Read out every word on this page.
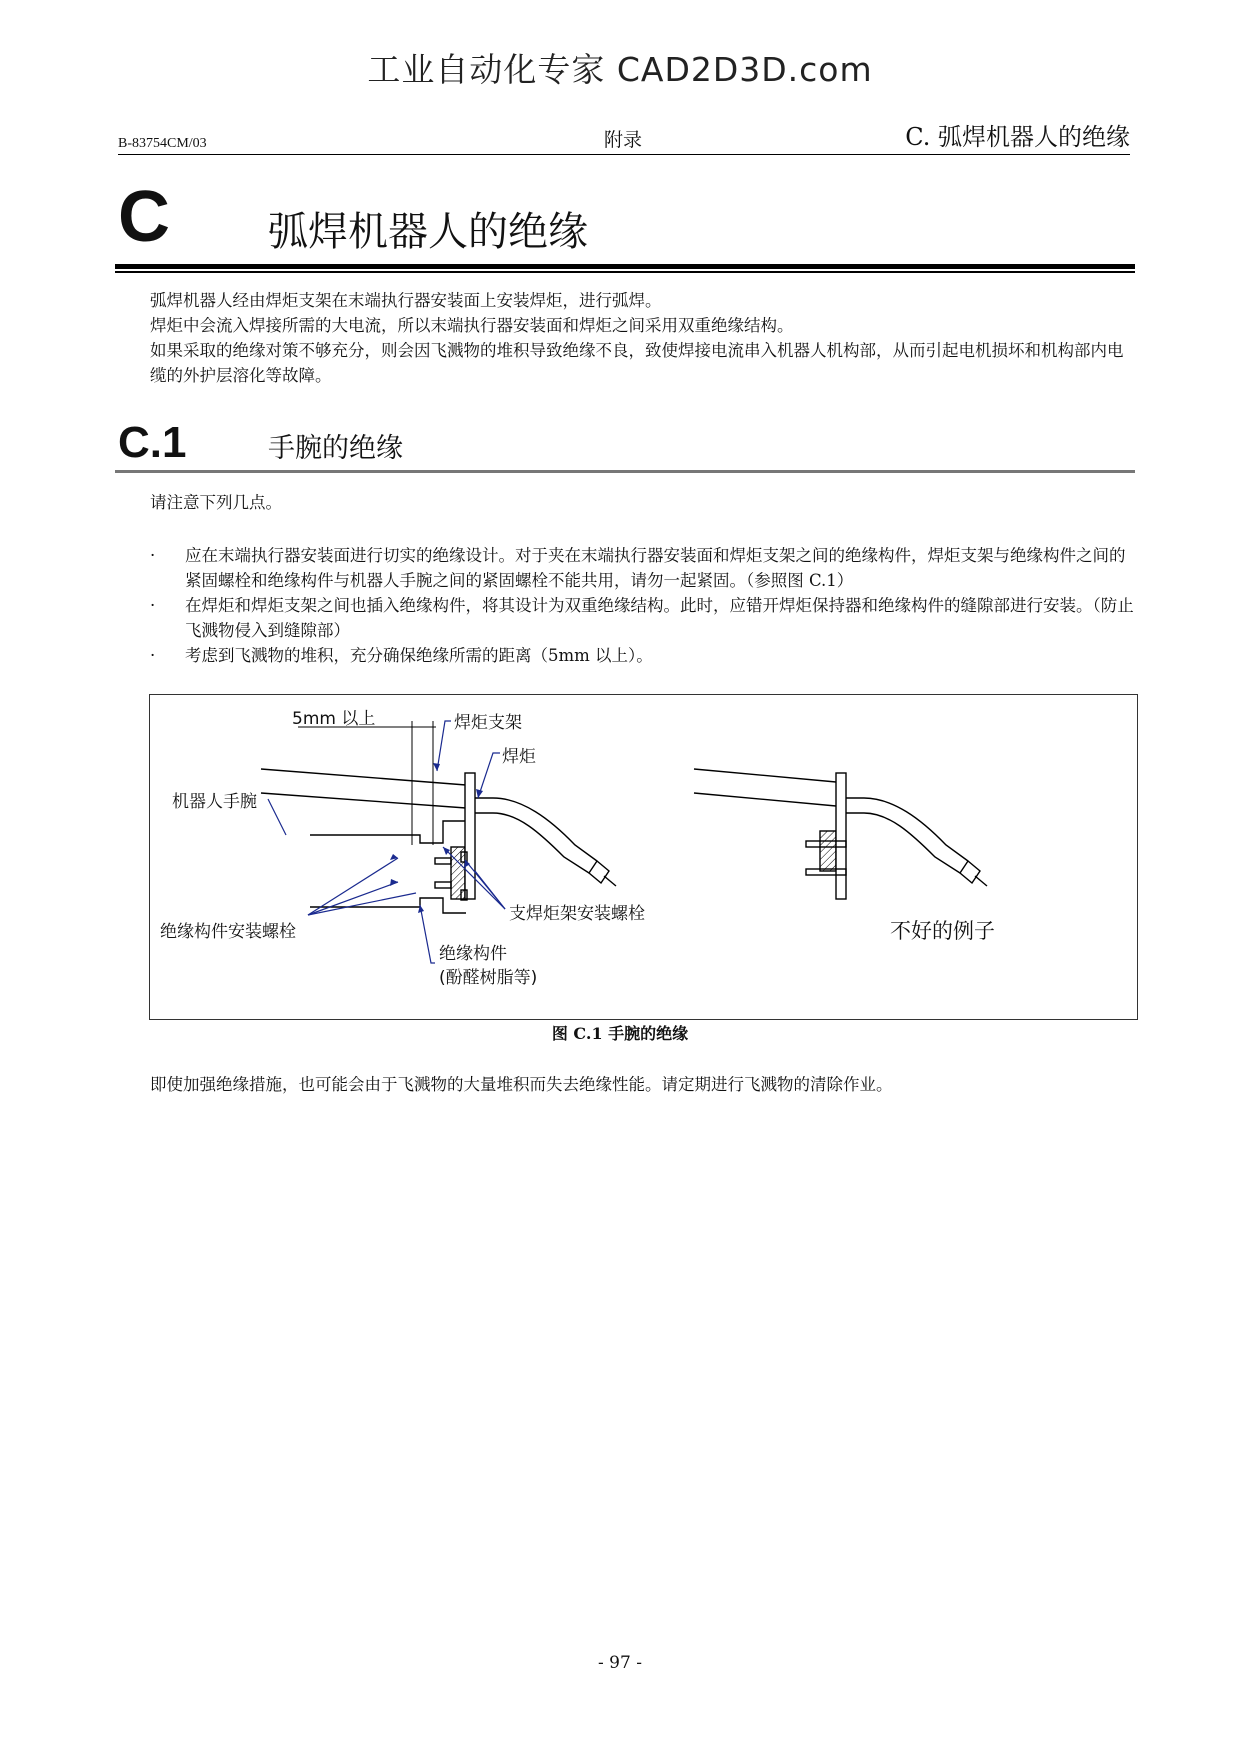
工业自动化专家 CAD2D3D.com
B-83754CM/03	附录	C. 弧焊机器人的绝缘
C 弧焊机器人的绝缘

弧焊机器人经由焊炬支架在末端执行器安装面上安装焊炬，进行弧焊。

焊炬中会流入焊接所需的大电流，所以末端执行器安装面和焊炬之间采用双重绝缘结构。

如果采取的绝缘对策不够充分，则会因飞溅物的堆积导致绝缘不良，致使焊接电流串入机器人机构部，从而引起电机损坏和机构部内电缆的外护层溶化等故障。

C.1	手腕的绝缘
请注意下列几点。

· 应在末端执行器安装面进行切实的绝缘设计。对于夹在末端执行器安装面和焊炬支架之间的绝缘构件，焊炬支架与绝缘构件之间的紧固螺栓和绝缘构件与机器人手腕之间的紧固螺栓不能共用，请勿一起紧固。（参照图 C.1）

· 在焊炬和焊炬支架之间也插入绝缘构件，将其设计为双重绝缘结构。此时，应错开焊炬保持器和绝缘构件的缝隙部进行安装。（防止飞溅物侵入到缝隙部）

· 考虑到飞溅物的堆积，充分确保绝缘所需的距离（5mm 以上）。

5mm 以上	焊炬支架
焊炬
机器人手腕
绝缘构件安装螺栓
支焊炬架安装螺栓
绝缘构件
(酚醛树脂等)
不好的例子
图 C.1 手腕的绝缘
即使加强绝缘措施，也可能会由于飞溅物的大量堆积而失去绝缘性能。请定期进行飞溅物的清除作业。
- 97 -
